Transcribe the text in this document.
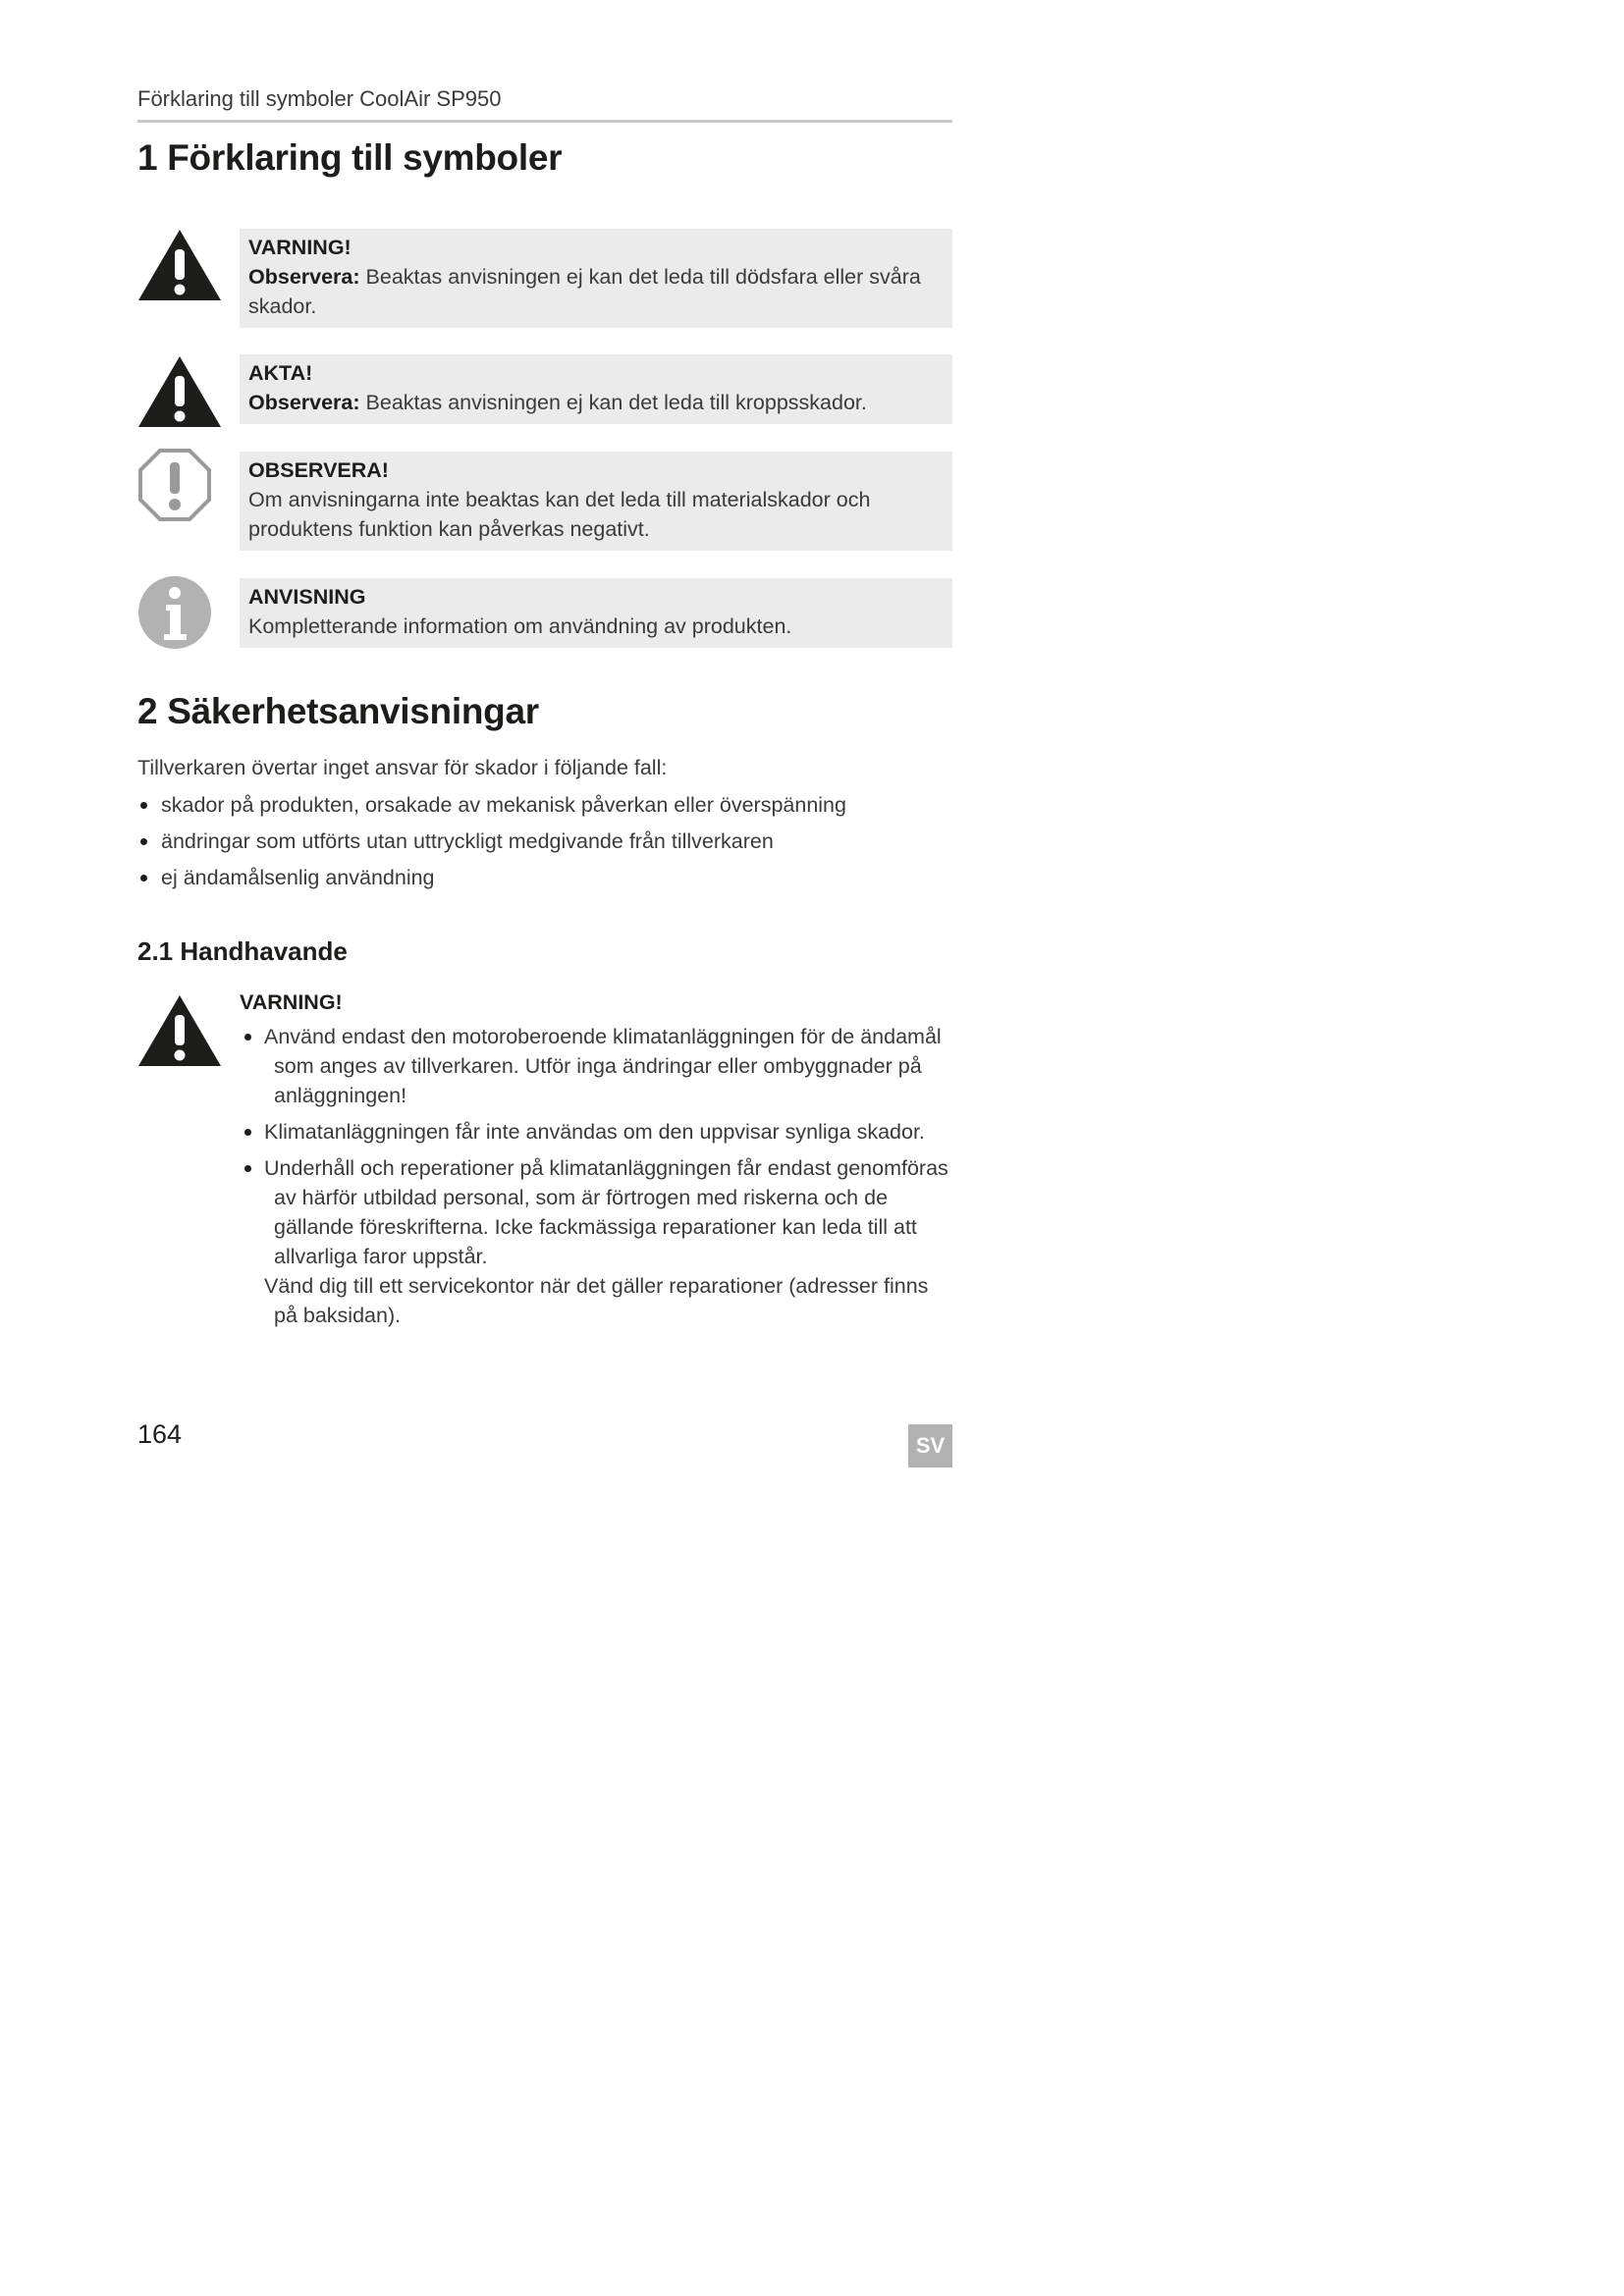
Förklaring till symboler CoolAir SP950
1 Förklaring till symboler
VARNING!
Observera: Beaktas anvisningen ej kan det leda till dödsfara eller svåra skador.
AKTA!
Observera: Beaktas anvisningen ej kan det leda till kroppsskador.
OBSERVERA!
Om anvisningarna inte beaktas kan det leda till materialskador och produktens funktion kan påverkas negativt.
ANVISNING
Kompletterande information om användning av produkten.
2 Säkerhetsanvisningar

Tillverkaren övertar inget ansvar för skador i följande fall:

skador på produkten, orsakade av mekanisk påverkan eller överspänning
ändringar som utförts utan uttryckligt medgivande från tillverkaren
ej ändamålsenlig användning
2.1 Handhavande
VARNING!
Använd endast den motoroberoende klimatanläggningen för de ändamål som anges av tillverkaren. Utför inga ändringar eller ombyggnader på anläggningen!
Klimatanläggningen får inte användas om den uppvisar synliga skador.
Underhåll och reperationer på klimatanläggningen får endast genomföras av härför utbildad personal, som är förtrogen med riskerna och de gällande föreskrifterna. Icke fackmässiga reparationer kan leda till att allvarliga faror uppstår.
Vänd dig till ett servicekontor när det gäller reparationer (adresser finns på baksidan).
164	SV
